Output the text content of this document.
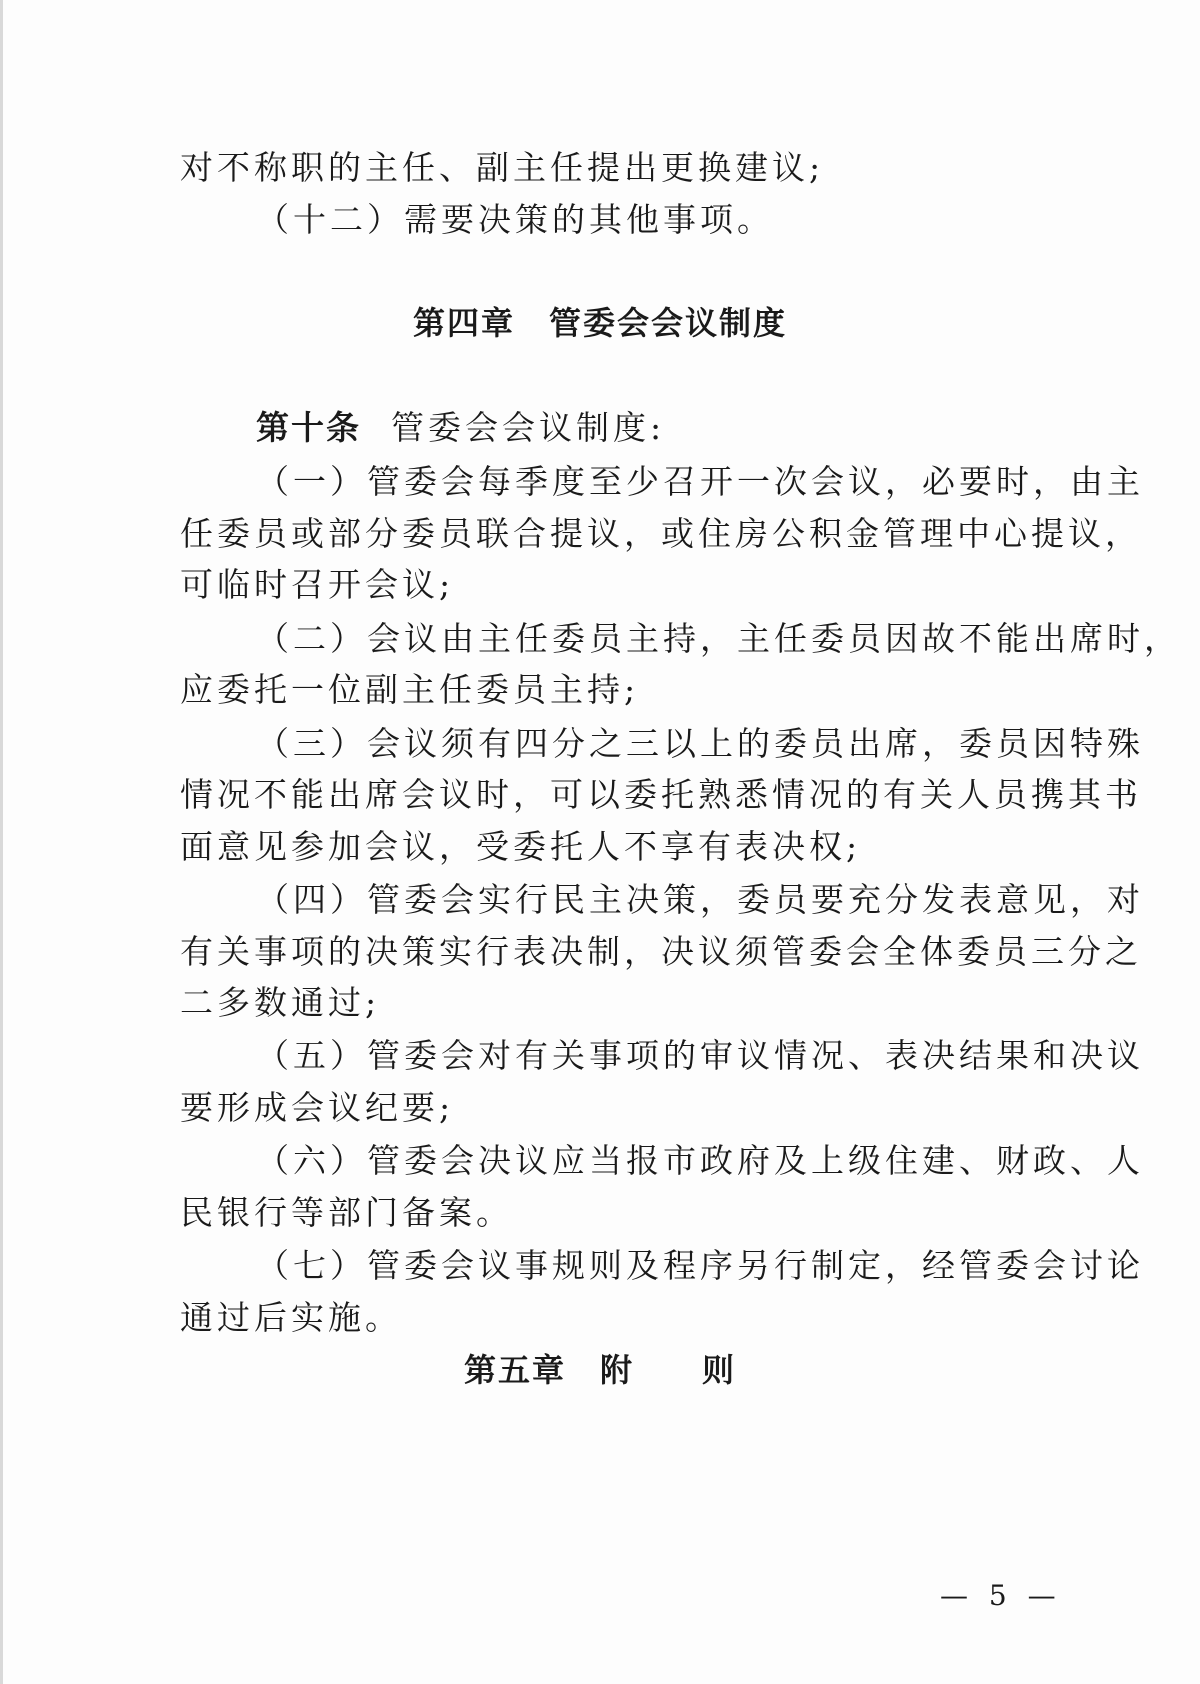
对不称职的主任、副主任提出更换建议;
（十二）需要决策的其他事项。
第四章　管委会会议制度
第十条 管委会会议制度:
（一）管委会每季度至少召开一次会议，必要时，由主
任委员或部分委员联合提议，或住房公积金管理中心提议，
可临时召开会议;
（二）会议由主任委员主持，主任委员因故不能出席时，
应委托一位副主任委员主持;
（三）会议须有四分之三以上的委员出席，委员因特殊
情况不能出席会议时，可以委托熟悉情况的有关人员携其书
面意见参加会议，受委托人不享有表决权;
（四）管委会实行民主决策，委员要充分发表意见，对
有关事项的决策实行表决制，决议须管委会全体委员三分之
二多数通过;
（五）管委会对有关事项的审议情况、表决结果和决议
要形成会议纪要;
（六）管委会决议应当报市政府及上级住建、财政、人
民银行等部门备案。
（七）管委会议事规则及程序另行制定，经管委会讨论
通过后实施。
第五章　附　　则
— 5 —
